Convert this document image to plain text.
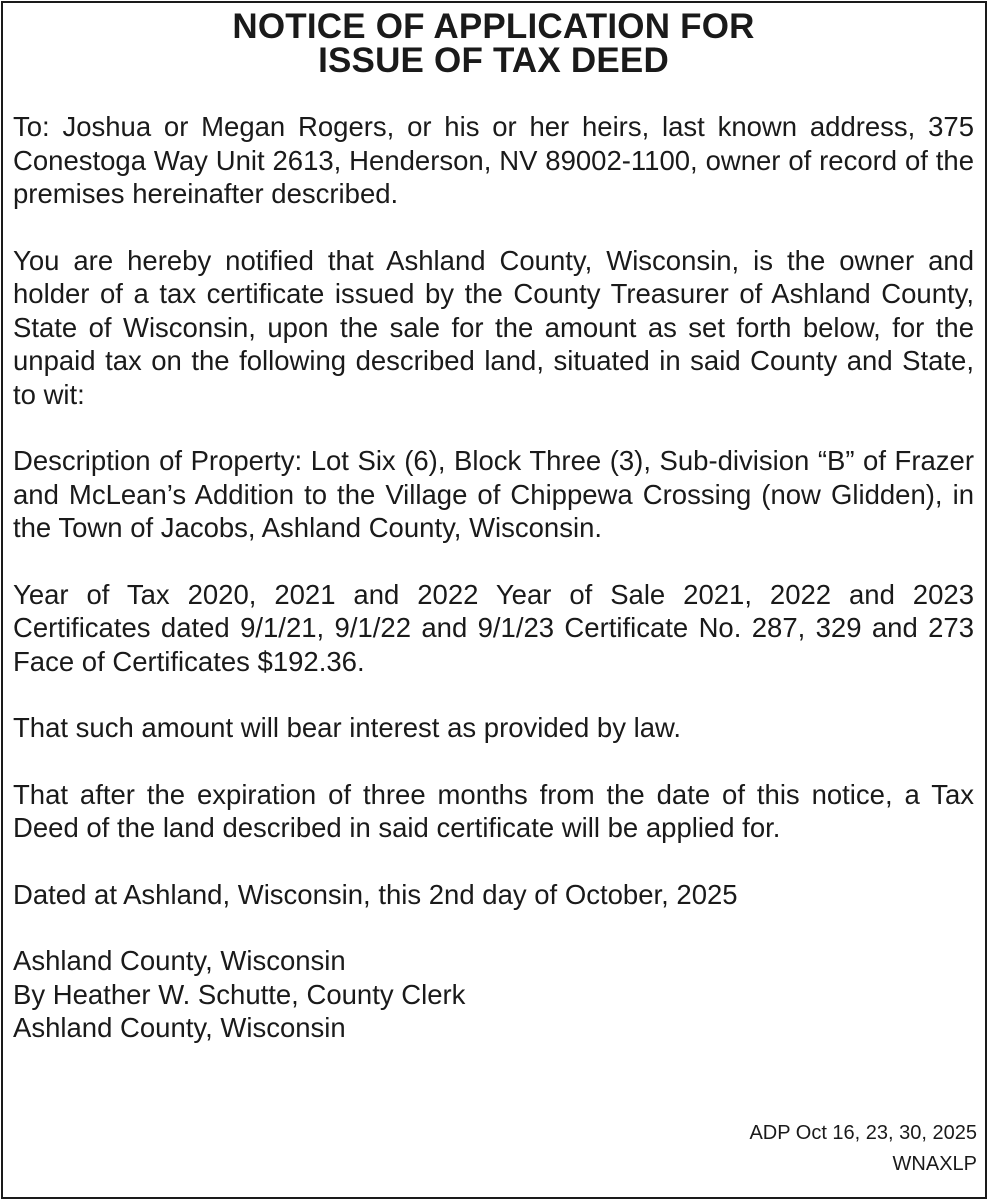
NOTICE OF APPLICATION FOR
ISSUE OF TAX DEED

To: Joshua or Megan Rogers, or his or her heirs, last known address, 375 Conestoga Way Unit 2613, Henderson, NV 89002-1100, owner of record of the premises hereinafter described.

You are hereby notified that Ashland County, Wisconsin, is the owner and holder of a tax certificate issued by the County Treasurer of Ashland County, State of Wisconsin, upon the sale for the amount as set forth below, for the unpaid tax on the following described land, situated in said County and State, to wit:

Description of Property: Lot Six (6), Block Three (3), Sub-division “B” of Frazer and McLean’s Addition to the Village of Chippewa Crossing (now Glidden), in the Town of Jacobs, Ashland County, Wisconsin.

Year of Tax 2020, 2021 and 2022 Year of Sale 2021, 2022 and 2023 Certificates dated 9/1/21, 9/1/22 and 9/1/23 Certificate No. 287, 329 and 273 Face of Certificates $192.36.

That such amount will bear interest as provided by law.

That after the expiration of three months from the date of this notice, a Tax Deed of the land described in said certificate will be applied for.

Dated at Ashland, Wisconsin, this 2nd day of October, 2025

Ashland County, Wisconsin
By Heather W. Schutte, County Clerk
Ashland County, Wisconsin

ADP Oct 16, 23, 30, 2025
WNAXLP
